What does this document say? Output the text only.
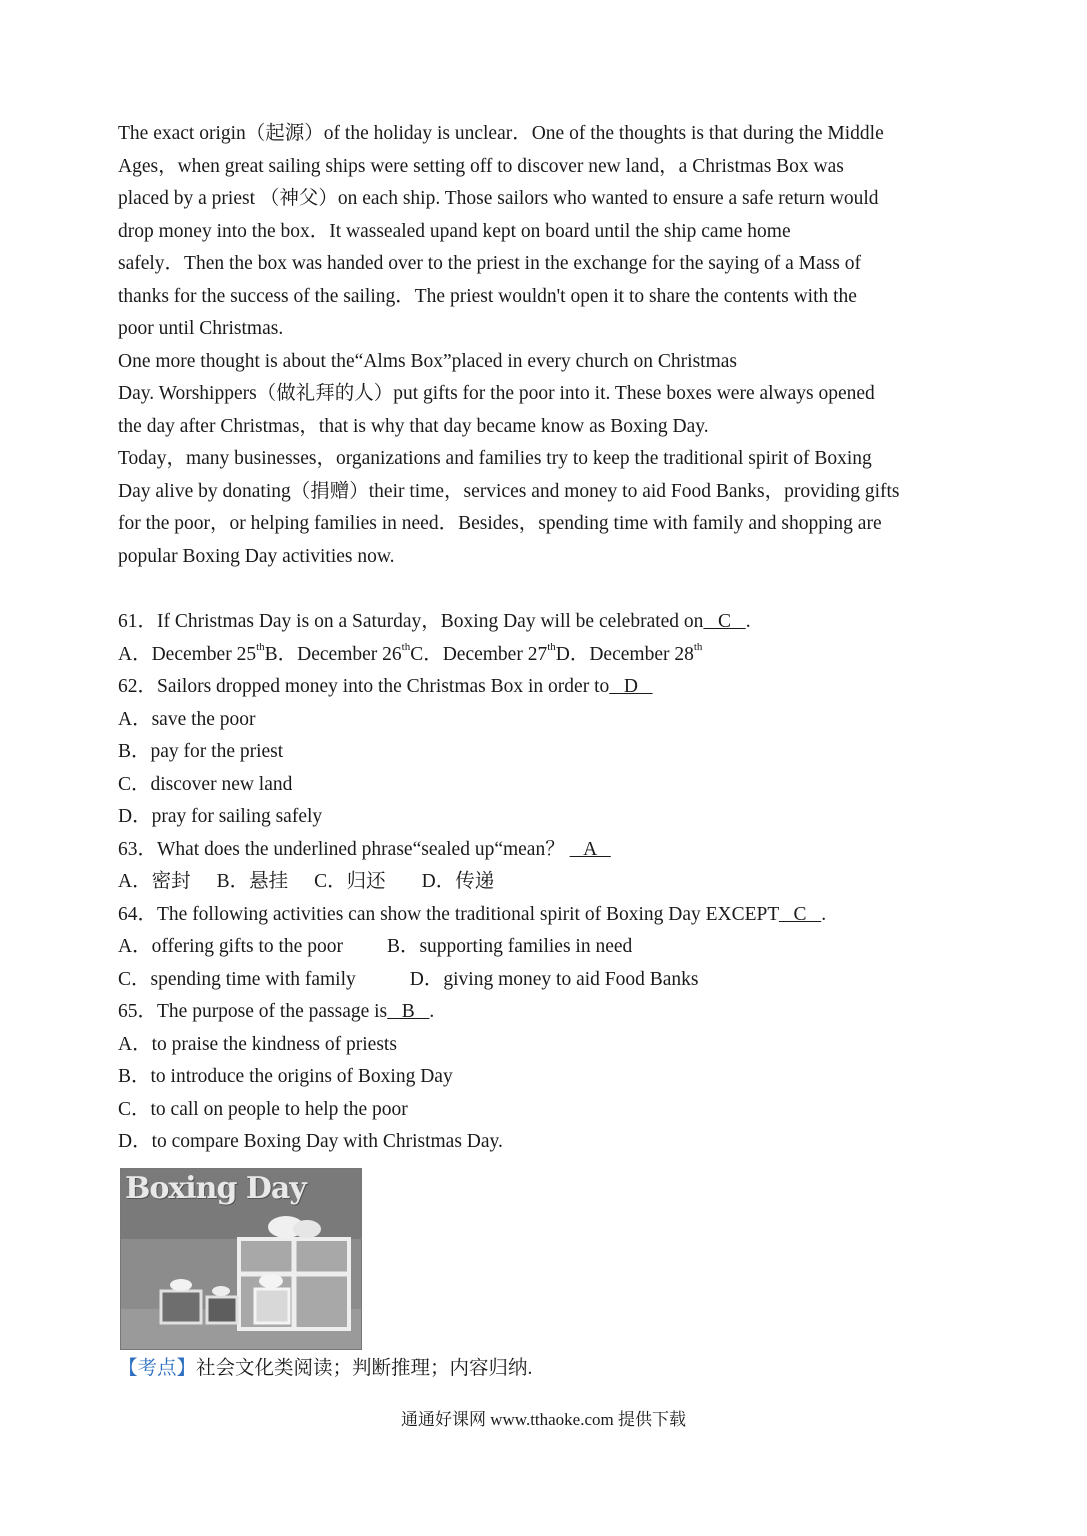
The exact origin（起源）of the holiday is unclear．One of the thoughts is that during the Middle

Ages，when great sailing ships were setting off to discover new land，a Christmas Box was

placed by a priest （神父）on each ship. Those sailors who wanted to ensure a safe return would

drop money into the box．It wassealed upand kept on board until the ship came home

safely．Then the box was handed over to the priest in the exchange for the saying of a Mass of

thanks for the success of the sailing．The priest wouldn't open it to share the contents with the

poor until Christmas.

One more thought is about the“Alms Box”placed in every church on Christmas

Day. Worshippers（做礼拜的人）put gifts for the poor into it. These boxes were always opened

the day after Christmas，that is why that day became know as Boxing Day.

Today，many businesses，organizations and families try to keep the traditional spirit of Boxing

Day alive by donating（捐赠）their time，services and money to aid Food Banks，providing gifts

for the poor，or helping families in need．Besides，spending time with family and shopping are

popular Boxing Day activities now.

61．If Christmas Day is on a Saturday，Boxing Day will be celebrated on   C   .
A．December 25thB．December 26thC．December 27thD．December 28th
62．Sailors dropped money into the Christmas Box in order to   D
A．save the poor
B．pay for the priest
C．discover new land
D．pray for sailing safely
63．What does the underlined phrase“sealed up“mean？    A
A．密封 B．悬挂 C．归还 D．传递
64．The following activities can show the traditional spirit of Boxing Day EXCEPT   C   .
A．offering gifts to the poor B．supporting families in need
C．spending time with family	D．giving money to aid Food Banks
65．The purpose of the passage is   B   .
A．to praise the kindness of priests
B．to introduce the origins of Boxing Day
C．to call on people to help the poor
D．to compare Boxing Day with Christmas Day.
Boxing Day
【考点】社会文化类阅读；判断推理；内容归纳.
通通好课网 www.tthaoke.com 提供下载
